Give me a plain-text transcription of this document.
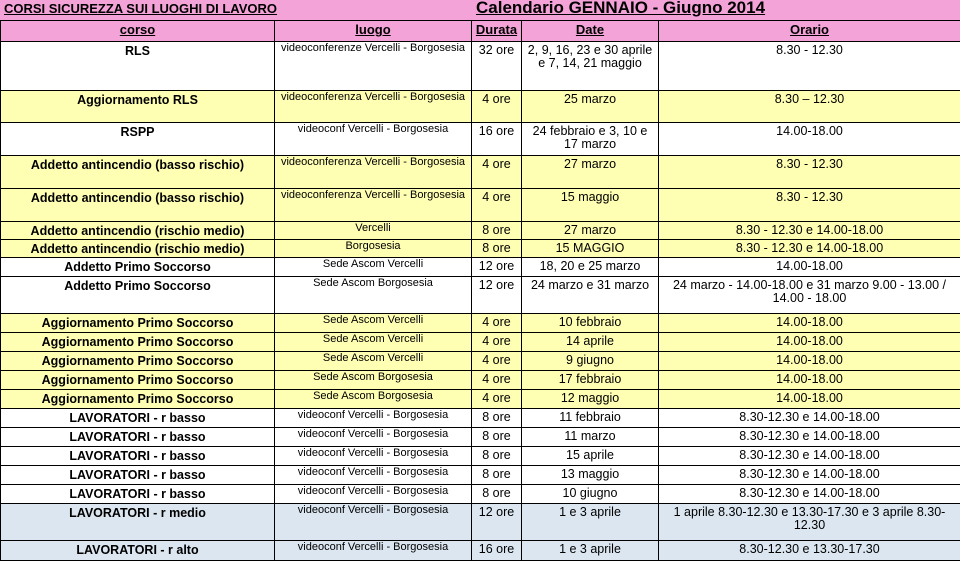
CORSI SICUREZZA SUI LUOGHI DI LAVORO	Calendario GENNAIO - Giugno 2014
corso	luogo	Durata	Date	Orario
RLS	videoconferenze Vercelli - Borgosesia	32 ore	2, 9, 16, 23 e 30 aprile e 7, 14, 21 maggio	8.30 - 12.30
Aggiornamento RLS	videoconferenza Vercelli - Borgosesia	4 ore	25 marzo	8.30 – 12.30
RSPP	videoconf Vercelli - Borgosesia	16 ore	24 febbraio e 3, 10 e 17 marzo	14.00-18.00
Addetto antincendio (basso rischio)	videoconferenza Vercelli - Borgosesia	4 ore	27 marzo	8.30 - 12.30
Addetto antincendio (basso rischio)	videoconferenza Vercelli - Borgosesia	4 ore	15 maggio	8.30 - 12.30
Addetto antincendio (rischio medio)	Vercelli	8 ore	27 marzo	8.30 - 12.30 e 14.00-18.00
Addetto antincendio (rischio medio)	Borgosesia	8 ore	15 MAGGIO	8.30 - 12.30 e 14.00-18.00
Addetto Primo Soccorso	Sede Ascom Vercelli	12 ore	18, 20 e 25 marzo	14.00-18.00
Addetto Primo Soccorso	Sede Ascom Borgosesia	12 ore	24 marzo e 31 marzo	24 marzo - 14.00-18.00 e 31 marzo 9.00 - 13.00 / 14.00 - 18.00
Aggiornamento Primo Soccorso	Sede Ascom Vercelli	4 ore	10 febbraio	14.00-18.00
Aggiornamento Primo Soccorso	Sede Ascom Vercelli	4 ore	14 aprile	14.00-18.00
Aggiornamento Primo Soccorso	Sede Ascom Vercelli	4 ore	9 giugno	14.00-18.00
Aggiornamento Primo Soccorso	Sede Ascom Borgosesia	4 ore	17 febbraio	14.00-18.00
Aggiornamento Primo Soccorso	Sede Ascom Borgosesia	4 ore	12 maggio	14.00-18.00
LAVORATORI - r basso	videoconf Vercelli - Borgosesia	8 ore	11 febbraio	8.30-12.30 e 14.00-18.00
LAVORATORI - r basso	videoconf Vercelli - Borgosesia	8 ore	11 marzo	8.30-12.30 e 14.00-18.00
LAVORATORI - r basso	videoconf Vercelli - Borgosesia	8 ore	15 aprile	8.30-12.30 e 14.00-18.00
LAVORATORI - r basso	videoconf Vercelli - Borgosesia	8 ore	13 maggio	8.30-12.30 e 14.00-18.00
LAVORATORI - r basso	videoconf Vercelli - Borgosesia	8 ore	10 giugno	8.30-12.30 e 14.00-18.00
LAVORATORI - r medio	videoconf Vercelli - Borgosesia	12 ore	1 e 3 aprile	1 aprile 8.30-12.30 e 13.30-17.30 e 3 aprile 8.30-12.30
LAVORATORI - r alto	videoconf Vercelli - Borgosesia	16 ore	1 e 3 aprile	8.30-12.30 e 13.30-17.30
